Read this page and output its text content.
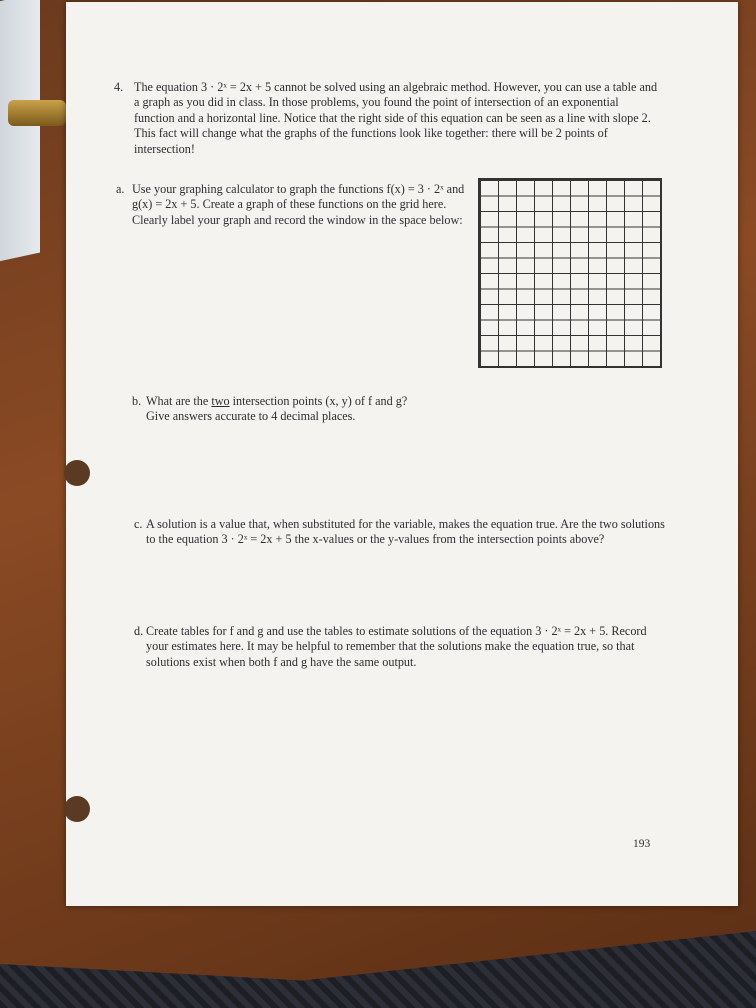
4. The equation 3 · 2ˣ = 2x + 5 cannot be solved using an algebraic method. However, you can use a table and a graph as you did in class. In those problems, you found the point of intersection of an exponential function and a horizontal line. Notice that the right side of this equation can be seen as a line with slope 2. This fact will change what the graphs of the functions look like together: there will be 2 points of intersection!
a. Use your graphing calculator to graph the functions f(x) = 3 · 2ˣ and g(x) = 2x + 5. Create a graph of these functions on the grid here. Clearly label your graph and record the window in the space below:
b. What are the two intersection points (x, y) of f and g?
Give answers accurate to 4 decimal places.
c. A solution is a value that, when substituted for the variable, makes the equation true. Are the two solutions to the equation 3 · 2ˣ = 2x + 5 the x-values or the y-values from the intersection points above?
d. Create tables for f and g and use the tables to estimate solutions of the equation 3 · 2ˣ = 2x + 5. Record your estimates here. It may be helpful to remember that the solutions make the equation true, so that solutions exist when both f and g have the same output.
193
